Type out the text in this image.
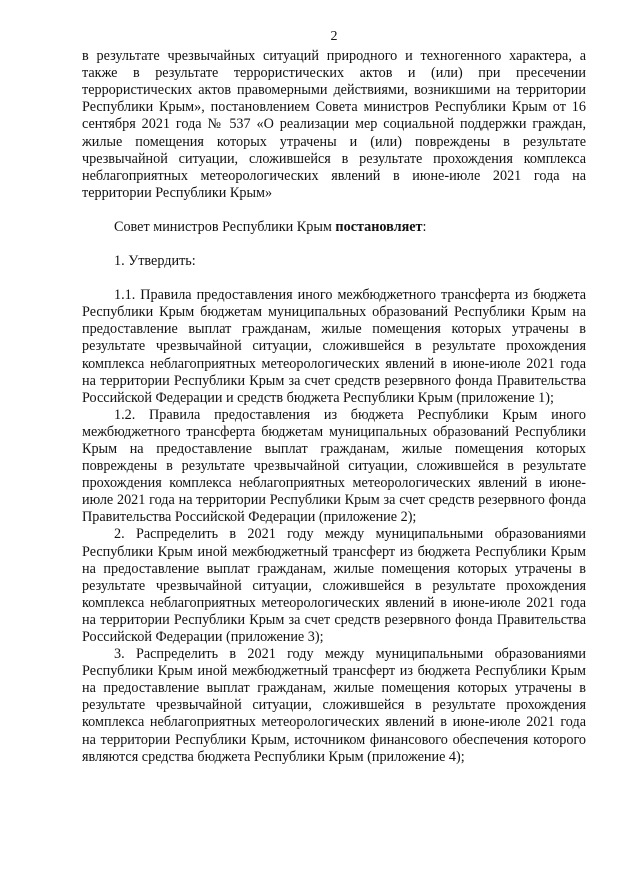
2

в результате чрезвычайных ситуаций природного и техногенного характера, а также в результате террористических актов и (или) при пресечении террористических актов правомерными действиями, возникшими на территории Республики Крым», постановлением Совета министров Республики Крым от 16 сентября 2021 года № 537 «О реализации мер социальной поддержки граждан, жилые помещения которых утрачены и (или) повреждены в результате чрезвычайной ситуации, сложившейся в результате прохождения комплекса неблагоприятных метеорологических явлений в июне-июле 2021 года на территории Республики Крым»

Совет министров Республики Крым постановляет:

1. Утвердить:

1.1. Правила предоставления иного межбюджетного трансферта из бюджета Республики Крым бюджетам муниципальных образований Республики Крым на предоставление выплат гражданам, жилые помещения которых утрачены в результате чрезвычайной ситуации, сложившейся в результате прохождения комплекса неблагоприятных метеорологических явлений в июне-июле 2021 года на территории Республики Крым за счет средств резервного фонда Правительства Российской Федерации и средств бюджета Республики Крым (приложение 1);

1.2. Правила предоставления из бюджета Республики Крым иного межбюджетного трансферта бюджетам муниципальных образований Республики Крым на предоставление выплат гражданам, жилые помещения которых повреждены в результате чрезвычайной ситуации, сложившейся в результате прохождения комплекса неблагоприятных метеорологических явлений в июне-июле 2021 года на территории Республики Крым за счет средств резервного фонда Правительства Российской Федерации (приложение 2);

2. Распределить в 2021 году между муниципальными образованиями Республики Крым иной межбюджетный трансферт из бюджета Республики Крым на предоставление выплат гражданам, жилые помещения которых утрачены в результате чрезвычайной ситуации, сложившейся в результате прохождения комплекса неблагоприятных метеорологических явлений в июне-июле 2021 года на территории Республики Крым за счет средств резервного фонда Правительства Российской Федерации (приложение 3);

3. Распределить в 2021 году между муниципальными образованиями Республики Крым иной межбюджетный трансферт из бюджета Республики Крым на предоставление выплат гражданам, жилые помещения которых утрачены в результате чрезвычайной ситуации, сложившейся в результате прохождения комплекса неблагоприятных метеорологических явлений в июне-июле 2021 года на территории Республики Крым, источником финансового обеспечения которого являются средства бюджета Республики Крым (приложение 4);
